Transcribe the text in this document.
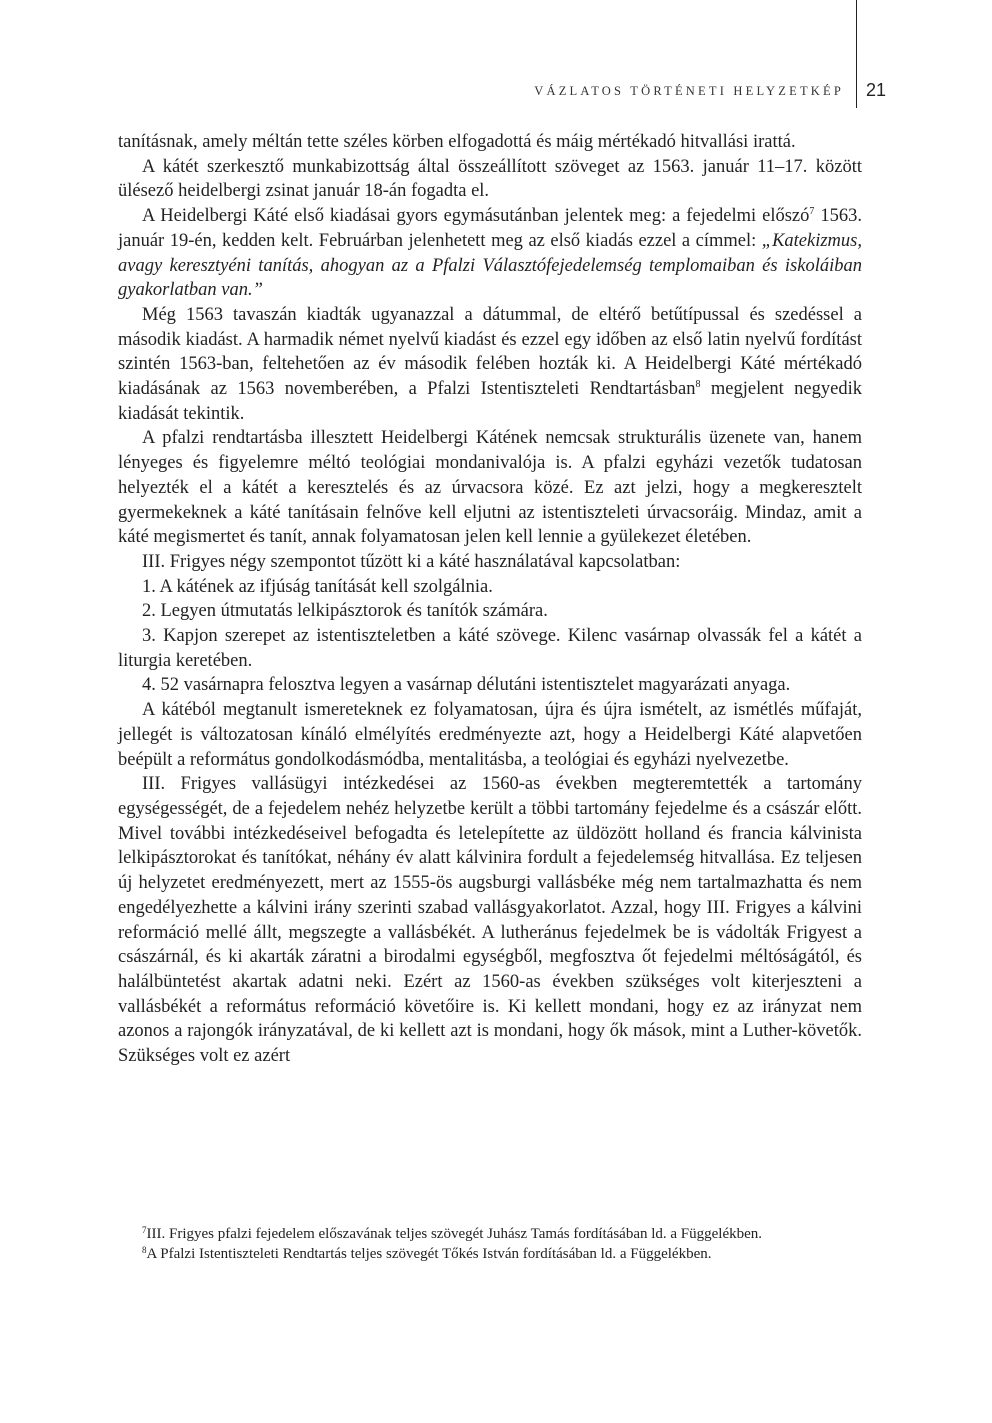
VÁZLATOS TÖRTÉNETI HELYZETKÉP 21

tanításnak, amely méltán tette széles körben elfogadottá és máig mértékadó hitvallási irattá.

A kátét szerkesztő munkabizottság által összeállított szöveget az 1563. január 11–17. között ülésező heidelbergi zsinat január 18-án fogadta el.

A Heidelbergi Káté első kiadásai gyors egymásutánban jelentek meg: a fejedelmi előszó$^7$ 1563. január 19-én, kedden kelt. Februárban jelenhetett meg az első kiadás ezzel a címmel: „Katekizmus, avagy keresztyéni tanítás, ahogyan az a Pfalzi Választófejedelemség templomaiban és iskoláiban gyakorlatban van.”

Még 1563 tavaszán kiadták ugyanazzal a dátummal, de eltérő betűtípussal és szedéssel a második kiadást. A harmadik német nyelvű kiadást és ezzel egy időben az első latin nyelvű fordítást szintén 1563-ban, feltehetően az év második felében hozták ki. A Heidelbergi Káté mértékadó kiadásának az 1563 novemberében, a Pfalzi Istentiszteleti Rendtartásban$^8$ megjelent negyedik kiadását tekintik.

A pfalzi rendtartásba illesztett Heidelbergi Kátének nemcsak strukturális üzenete van, hanem lényeges és figyelemre méltó teológiai mondanivalója is. A pfalzi egyházi vezetők tudatosan helyezték el a kátét a keresztelés és az úrvacsora közé. Ez azt jelzi, hogy a megkeresztelt gyermekeknek a káté tanításain felnőve kell eljutni az istentiszteleti úrvacsoráig. Mindaz, amit a káté megismertet és tanít, annak folyamatosan jelen kell lennie a gyülekezet életében.

III. Frigyes négy szempontot tűzött ki a káté használatával kapcsolatban:

1. A kátének az ifjúság tanítását kell szolgálnia.

2. Legyen útmutatás lelkipásztorok és tanítók számára.

3. Kapjon szerepet az istentiszteletben a káté szövege. Kilenc vasárnap olvassák fel a kátét a liturgia keretében.

4. 52 vasárnapra felosztva legyen a vasárnap délutáni istentisztelet magyarázati anyaga.

A kátéból megtanult ismereteknek ez folyamatosan, újra és újra ismételt, az ismétlés műfaját, jellegét is változatosan kínáló elmélyítés eredményezte azt, hogy a Heidelbergi Káté alapvetően beépült a református gondolkodásmódba, mentalitásba, a teológiai és egyházi nyelvezetbe.

III. Frigyes vallásügyi intézkedései az 1560-as években megteremtették a tartomány egységességét, de a fejedelem nehéz helyzetbe került a többi tartomány fejedelme és a császár előtt. Mivel további intézkedéseivel befogadta és letelepítette az üldözött holland és francia kálvinista lelkipásztorokat és tanítókat, néhány év alatt kálvinira fordult a fejedelemség hitvallása. Ez teljesen új helyzetet eredményezett, mert az 1555-ös augsburgi vallásbéke még nem tartalmazhatta és nem engedélyezhette a kálvini irány szerinti szabad vallásgyakorlatot. Azzal, hogy III. Frigyes a kálvini reformáció mellé állt, megszegte a vallásbékét. A lutheránus fejedelmek be is vádolták Frigyest a császárnál, és ki akarták záratni a birodalmi egységből, megfosztva őt fejedelmi méltóságától, és halálbüntetést akartak adatni neki. Ezért az 1560-as években szükséges volt kiterjeszteni a vallásbékét a református reformáció követőire is. Ki kellett mondani, hogy ez az irányzat nem azonos a rajongók irányzatával, de ki kellett azt is mondani, hogy ők mások, mint a Luther-követők. Szükséges volt ez azért

$^7$III. Frigyes pfalzi fejedelem előszavának teljes szövegét Juhász Tamás fordításában ld. a Függelékben.

$^8$A Pfalzi Istentiszteleti Rendtartás teljes szövegét Tőkés István fordításában ld. a Függelékben.
